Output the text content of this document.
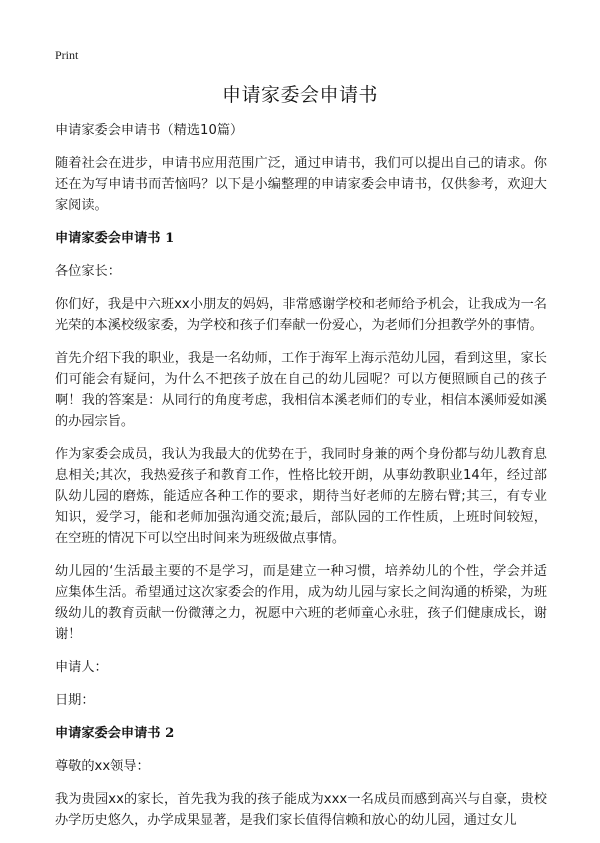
Print
申请家委会申请书

申请家委会申请书（精选10篇）

随着社会在进步，申请书应用范围广泛，通过申请书，我们可以提出自己的请求。你还在为写申请书而苦恼吗？以下是小编整理的申请家委会申请书，仅供参考，欢迎大家阅读。

申请家委会申请书 1

各位家长：

你们好，我是中六班xx小朋友的妈妈，非常感谢学校和老师给予机会，让我成为一名光荣的本溪校级家委，为学校和孩子们奉献一份爱心，为老师们分担教学外的事情。

首先介绍下我的职业，我是一名幼师，工作于海军上海示范幼儿园，看到这里，家长们可能会有疑问，为什么不把孩子放在自己的幼儿园呢？可以方便照顾自己的孩子啊！我的答案是：从同行的角度考虑，我相信本溪老师们的专业，相信本溪师爱如溪的办园宗旨。

作为家委会成员，我认为我最大的优势在于，我同时身兼的两个身份都与幼儿教育息息相关;其次，我热爱孩子和教育工作，性格比较开朗，从事幼教职业14年，经过部队幼儿园的磨炼，能适应各种工作的要求，期待当好老师的左膀右臂;其三，有专业知识，爱学习，能和老师加强沟通交流;最后，部队园的工作性质，上班时间较短，在空班的情况下可以空出时间来为班级做点事情。

幼儿园的‘生活最主要的不是学习，而是建立一种习惯，培养幼儿的个性，学会并适应集体生活。希望通过这次家委会的作用，成为幼儿园与家长之间沟通的桥梁，为班级幼儿的教育贡献一份微薄之力，祝愿中六班的老师童心永驻，孩子们健康成长，谢谢！

申请人：

日期：

申请家委会申请书 2

尊敬的xx领导：

我为贵园xx的家长，首先我为我的孩子能成为xxx一名成员而感到高兴与自豪，贵校办学历史悠久，办学成果显著，是我们家长值得信赖和放心的幼儿园，通过女儿
